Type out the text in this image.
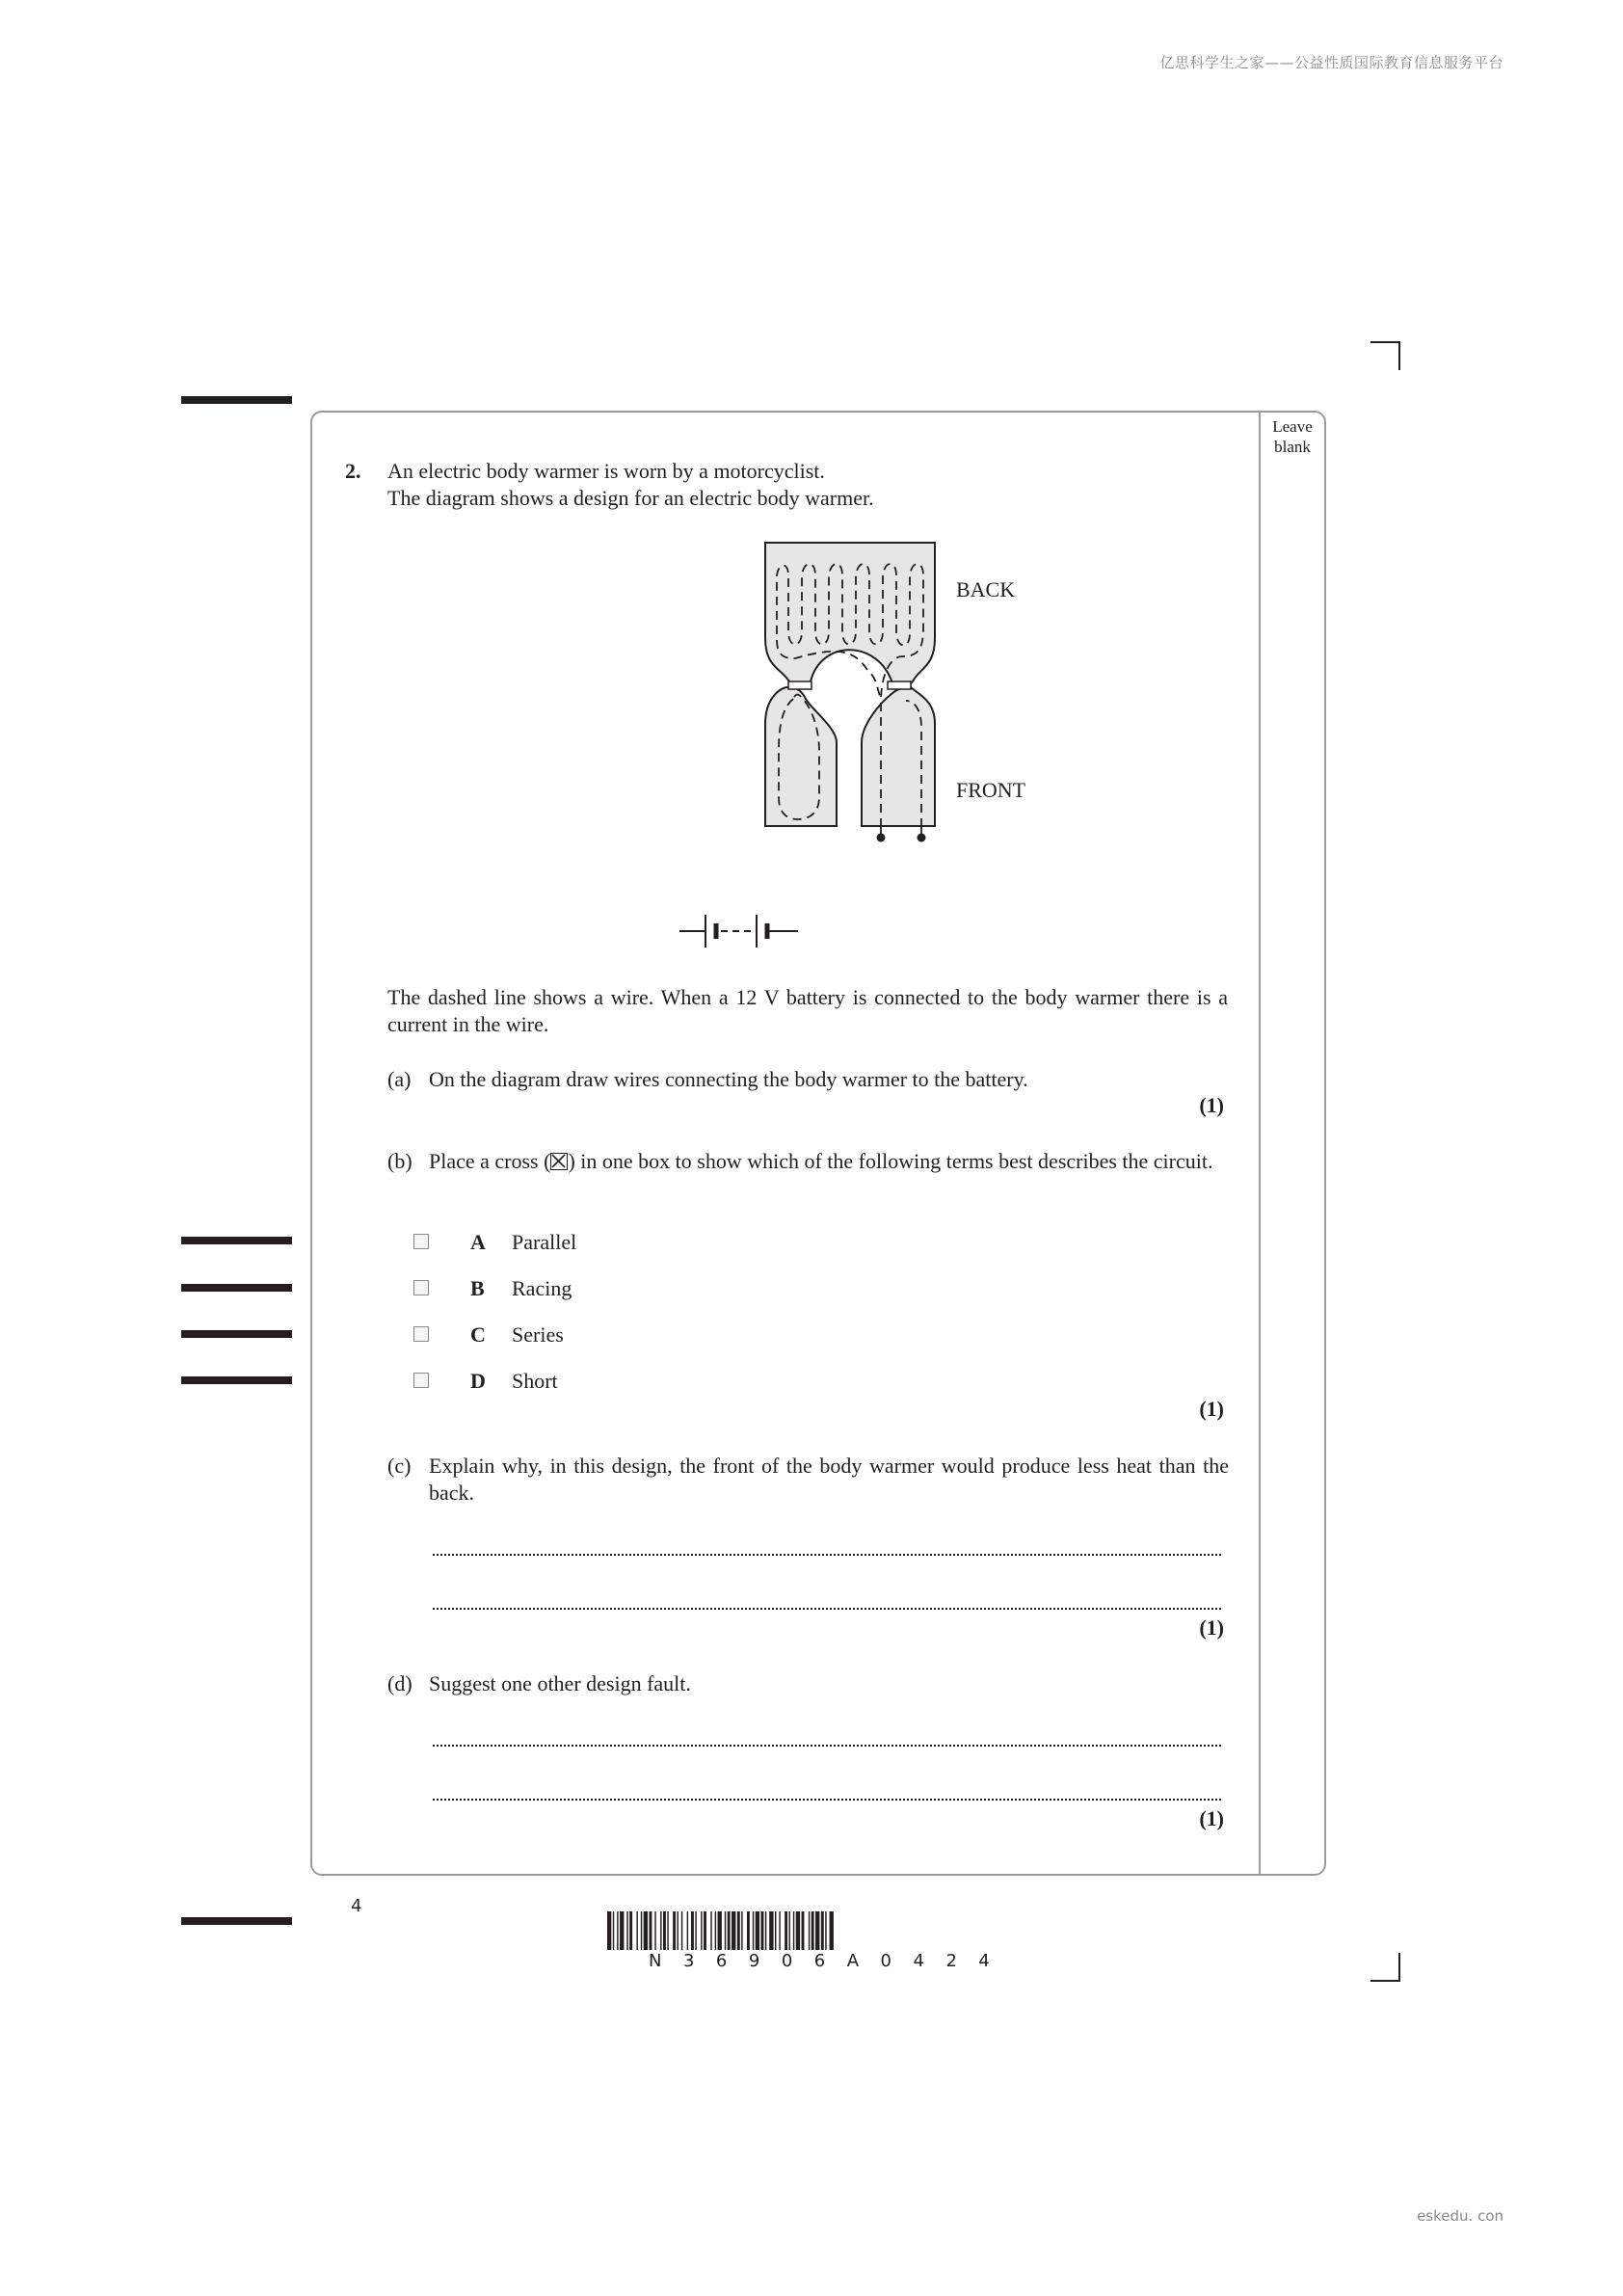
亿思科学生之家——公益性质国际教育信息服务平台
eskedu. con
Leave
blank
2. An electric body warmer is worn by a motorcyclist.
The diagram shows a design for an electric body warmer.
BACK
FRONT
The dashed line shows a wire. When a 12 V battery is connected to the body warmer there is a current in the wire.
(a) On the diagram draw wires connecting the body warmer to the battery.
(1)
(b) Place a cross (☒) in one box to show which of the following terms best describes the circuit.
A Parallel
B Racing
C Series
D Short
(1)
(c) Explain why, in this design, the front of the body warmer would produce less heat than the back.
(1)
(d) Suggest one other design fault.
(1)
4
N36906A0424
